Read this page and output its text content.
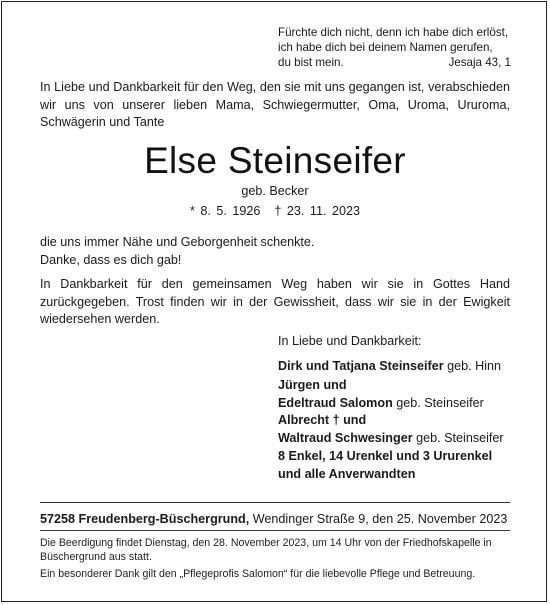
Fürchte dich nicht, denn ich habe dich erlöst,
ich habe dich bei deinem Namen gerufen,
du bist mein.	Jesaja 43, 1
In Liebe und Dankbarkeit für den Weg, den sie mit uns gegangen ist, verabschieden wir uns von unserer lieben Mama, Schwiegermutter, Oma, Uroma, Ururoma, Schwägerin und Tante
Else Steinseifer
geb. Becker
* 8. 5. 1926 † 23. 11. 2023
die uns immer Nähe und Geborgenheit schenkte.
Danke, dass es dich gab!
In Dankbarkeit für den gemeinsamen Weg haben wir sie in Gottes Hand zurückgegeben. Trost finden wir in der Gewissheit, dass wir sie in der Ewigkeit wiedersehen werden.
In Liebe und Dankbarkeit:
Dirk und Tatjana Steinseifer geb. Hinn
Jürgen und
Edeltraud Salomon geb. Steinseifer
Albrecht † und
Waltraud Schwesinger geb. Steinseifer
8 Enkel, 14 Urenkel und 3 Ururenkel
und alle Anverwandten
57258 Freudenberg-Büschergrund, Wendinger Straße 9, den 25. November 2023
Die Beerdigung findet Dienstag, den 28. November 2023, um 14 Uhr von der Friedhofskapelle in Büschergrund aus statt.
Ein besonderer Dank gilt den „Pflegeprofis Salomon“ für die liebevolle Pflege und Betreuung.
